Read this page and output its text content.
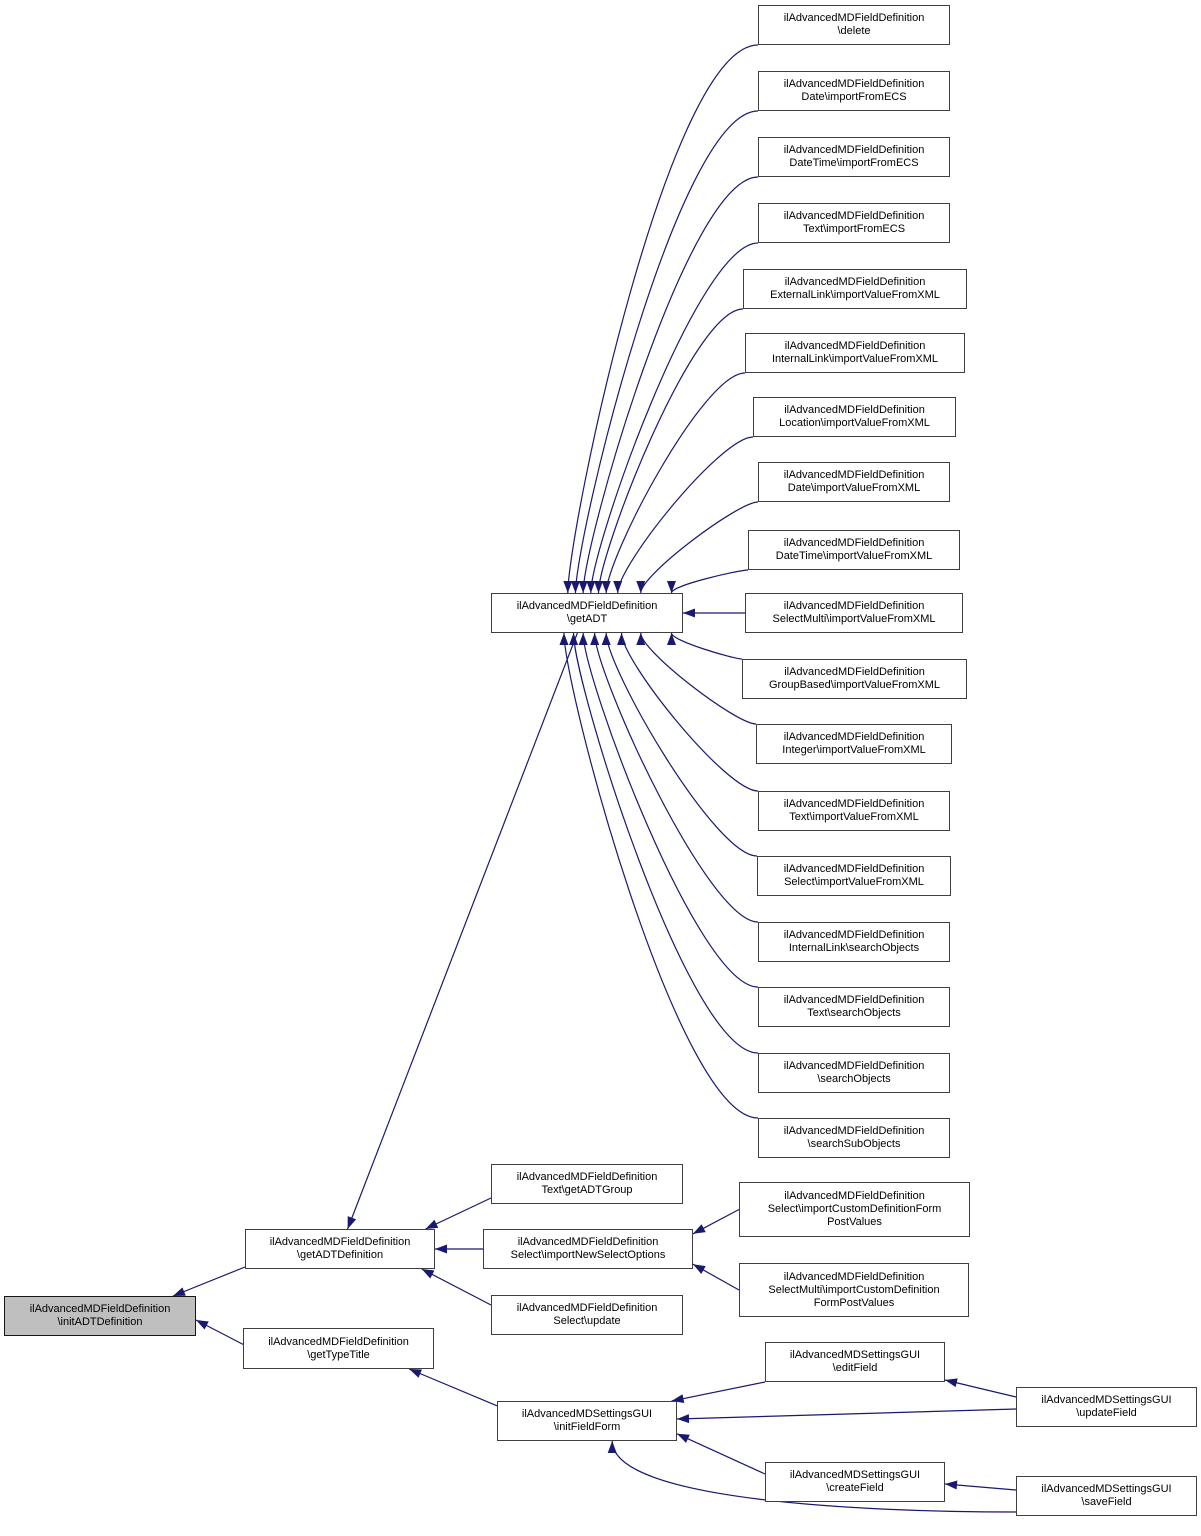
ilAdvancedMDFieldDefinition
\initADTDefinition
ilAdvancedMDFieldDefinition
\getADTDefinition
ilAdvancedMDFieldDefinition
\getTypeTitle
ilAdvancedMDFieldDefinition
\getADT
ilAdvancedMDFieldDefinition
Text\getADTGroup
ilAdvancedMDFieldDefinition
Select\importNewSelectOptions
ilAdvancedMDFieldDefinition
Select\update
ilAdvancedMDSettingsGUI
\initFieldForm
ilAdvancedMDFieldDefinition
\delete
ilAdvancedMDFieldDefinition
Date\importFromECS
ilAdvancedMDFieldDefinition
DateTime\importFromECS
ilAdvancedMDFieldDefinition
Text\importFromECS
ilAdvancedMDFieldDefinition
ExternalLink\importValueFromXML
ilAdvancedMDFieldDefinition
InternalLink\importValueFromXML
ilAdvancedMDFieldDefinition
Location\importValueFromXML
ilAdvancedMDFieldDefinition
Date\importValueFromXML
ilAdvancedMDFieldDefinition
DateTime\importValueFromXML
ilAdvancedMDFieldDefinition
SelectMulti\importValueFromXML
ilAdvancedMDFieldDefinition
GroupBased\importValueFromXML
ilAdvancedMDFieldDefinition
Integer\importValueFromXML
ilAdvancedMDFieldDefinition
Text\importValueFromXML
ilAdvancedMDFieldDefinition
Select\importValueFromXML
ilAdvancedMDFieldDefinition
InternalLink\searchObjects
ilAdvancedMDFieldDefinition
Text\searchObjects
ilAdvancedMDFieldDefinition
\searchObjects
ilAdvancedMDFieldDefinition
\searchSubObjects
ilAdvancedMDFieldDefinition
Select\importCustomDefinitionForm
PostValues
ilAdvancedMDFieldDefinition
SelectMulti\importCustomDefinition
FormPostValues
ilAdvancedMDSettingsGUI
\editField
ilAdvancedMDSettingsGUI
\createField
ilAdvancedMDSettingsGUI
\updateField
ilAdvancedMDSettingsGUI
\saveField
